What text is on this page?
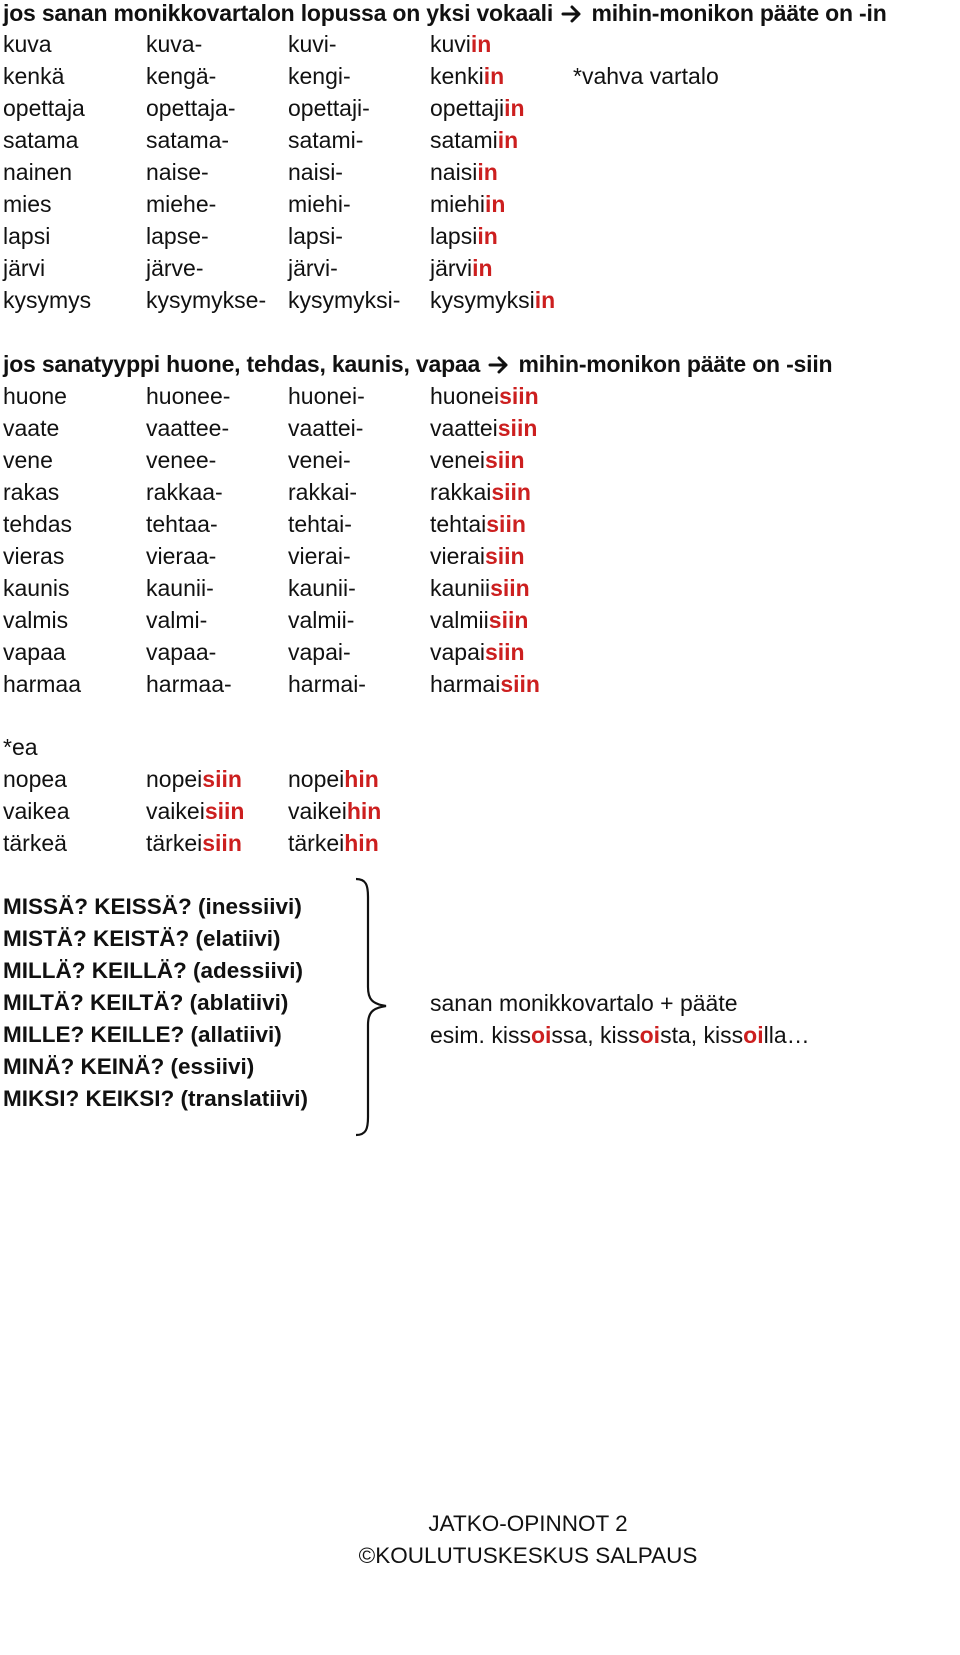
jos sanan monikkovartalon lopussa on yksi vokaali mihin-monikon pääte on -in
kuva	kuva-	kuvi-	kuviin
kenkä	kengä-	kengi-	kenkiin	*vahva vartalo
opettaja	opettaja- opettaji-	opettajiin
satama	satama-	satami-	satamiin
nainen	naise-	naisi-	naisiin
mies	miehe-	miehi-	miehiin
lapsi	lapse-	lapsi-	lapsiin
järvi	järve-	järvi-	järviin
kysymys kysymykse- kysymyksi- kysymyksiin
jos sanatyyppi huone, tehdas, kaunis, vapaa mihin-monikon pääte on -siin
huone	huonee-	huonei-	huoneisiin
vaate	vaattee-	vaattei-	vaatteisiin
vene	venee-	venei-	veneisiin
rakas	rakkaa-	rakkai-	rakkaisiin
tehdas	tehtaa-	tehtai-	tehtaisiin
vieras	vieraa-	vierai-	vieraisiin
kaunis	kaunii-	kaunii-	kauniisiin
valmis	valmi-	valmii-	valmiisiin
vapaa	vapaa-	vapai-	vapaisiin
harmaa	harmaa- harmai-	harmaisiin
*ea
nopea	nopeisiin nopeihin
vaikea	vaikeisiin vaikeihin
tärkeä	tärkeisiin tärkeihin
MISSÄ? KEISSÄ? (inessiivi)
MISTÄ? KEISTÄ? (elatiivi)
MILLÄ? KEILLÄ? (adessiivi)
MILTÄ? KEILTÄ? (ablatiivi)
MILLE? KEILLE? (allatiivi)
MINÄ? KEINÄ? (essiivi)
MIKSI? KEIKSI? (translatiivi)
sanan monikkovartalo + pääte
esim. kissoissa, kissoista, kissoilla…
JATKO-OPINNOT 2
©KOULUTUSKESKUS SALPAUS
